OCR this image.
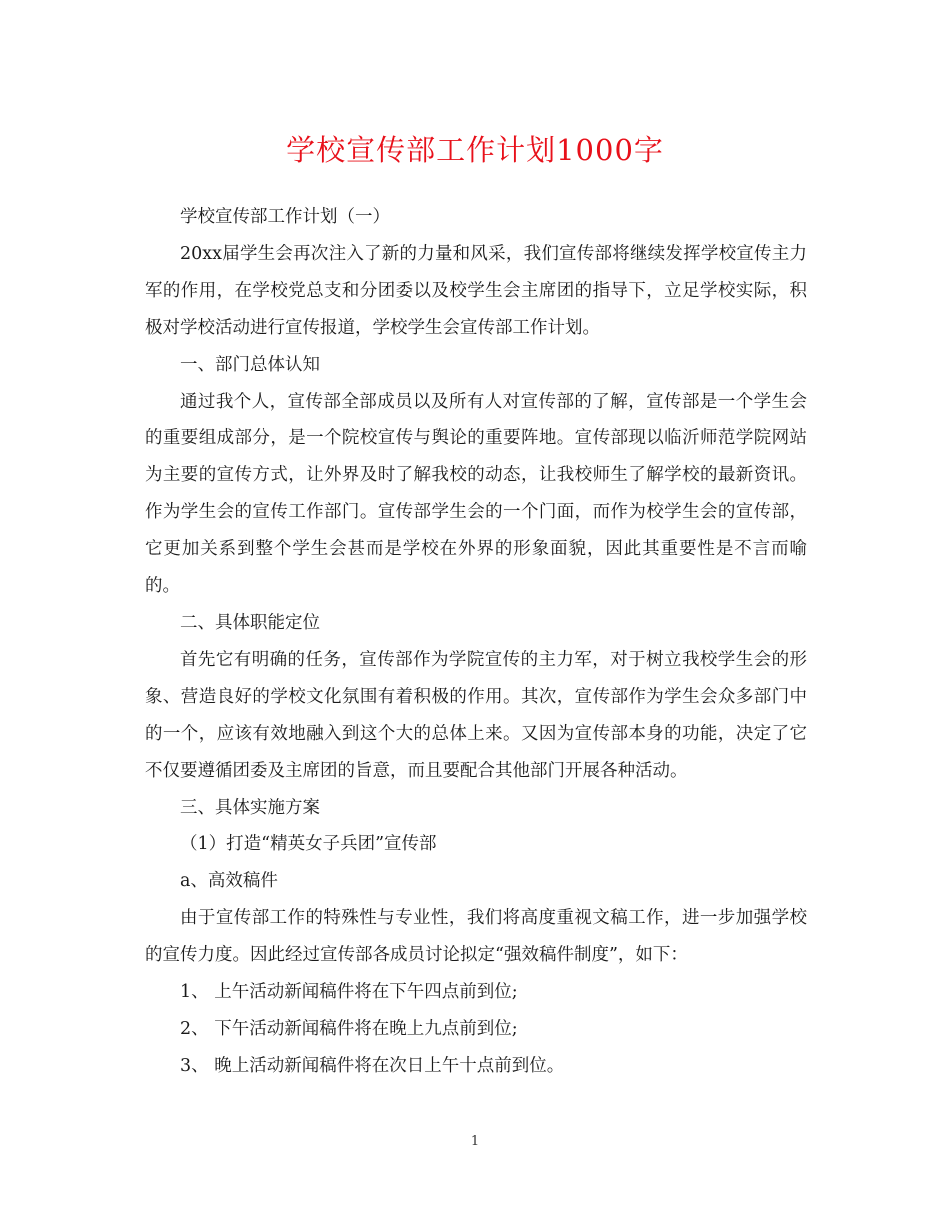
学校宣传部工作计划1000字

学校宣传部工作计划（一）

20xx届学生会再次注入了新的力量和风采，我们宣传部将继续发挥学校宣传主力军的作用，在学校党总支和分团委以及校学生会主席团的指导下，立足学校实际，积极对学校活动进行宣传报道，学校学生会宣传部工作计划。

一、部门总体认知

通过我个人，宣传部全部成员以及所有人对宣传部的了解，宣传部是一个学生会的重要组成部分，是一个院校宣传与舆论的重要阵地。宣传部现以临沂师范学院网站为主要的宣传方式，让外界及时了解我校的动态，让我校师生了解学校的最新资讯。作为学生会的宣传工作部门。宣传部学生会的一个门面，而作为校学生会的宣传部，它更加关系到整个学生会甚而是学校在外界的形象面貌，因此其重要性是不言而喻的。

二、具体职能定位

首先它有明确的任务，宣传部作为学院宣传的主力军，对于树立我校学生会的形象、营造良好的学校文化氛围有着积极的作用。其次，宣传部作为学生会众多部门中的一个，应该有效地融入到这个大的总体上来。又因为宣传部本身的功能，决定了它不仅要遵循团委及主席团的旨意，而且要配合其他部门开展各种活动。

三、具体实施方案

（1）打造“精英女子兵团”宣传部

a、高效稿件

由于宣传部工作的特殊性与专业性，我们将高度重视文稿工作，进一步加强学校的宣传力度。因此经过宣传部各成员讨论拟定“强效稿件制度”，如下：

1、 上午活动新闻稿件将在下午四点前到位;

2、 下午活动新闻稿件将在晚上九点前到位;

3、 晚上活动新闻稿件将在次日上午十点前到位。

1
